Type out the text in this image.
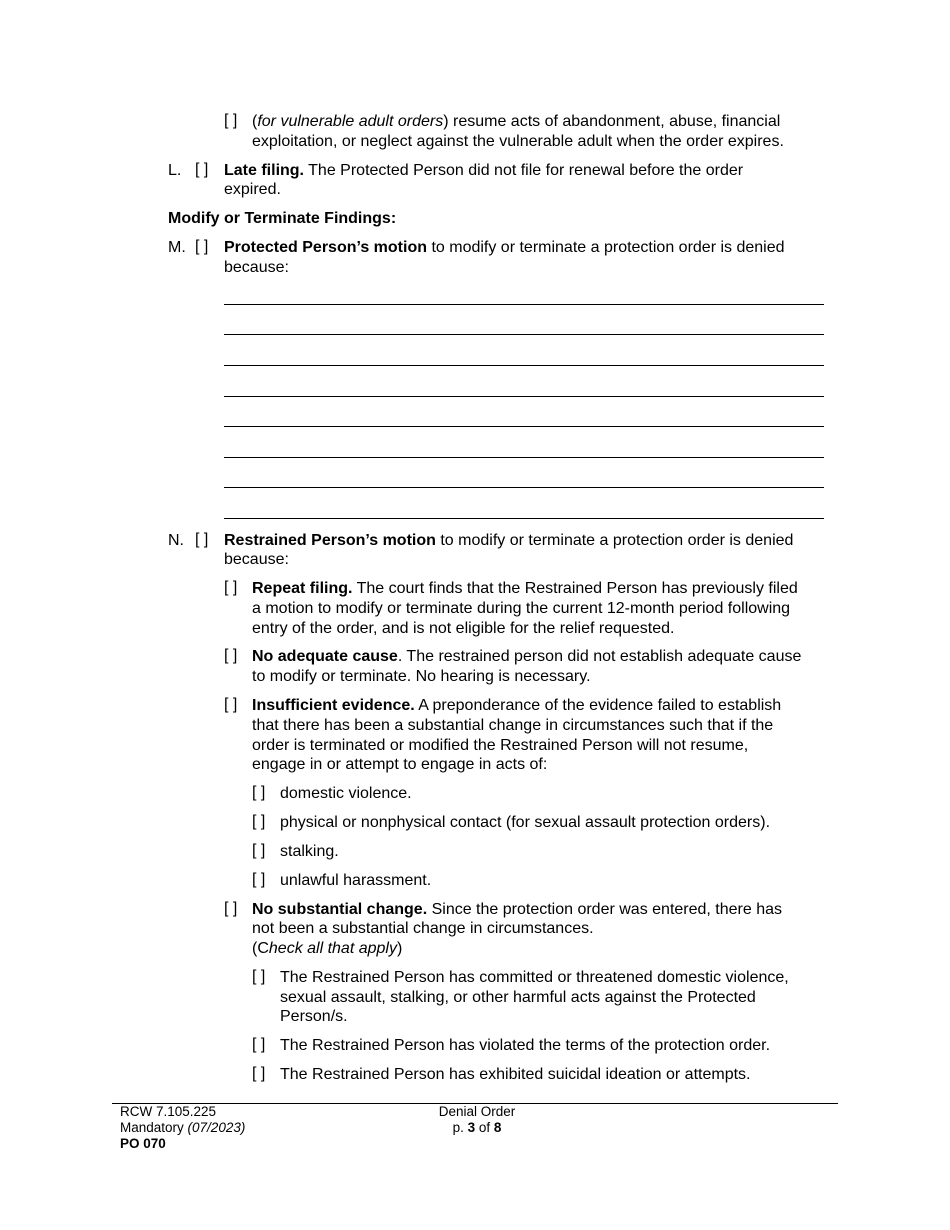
[ ] (for vulnerable adult orders) resume acts of abandonment, abuse, financial
exploitation, or neglect against the vulnerable adult when the order expires.
L. [ ] Late filing. The Protected Person did not file for renewal before the order
expired.
Modify or Terminate Findings:
M. [ ] Protected Person’s motion to modify or terminate a protection order is denied
because:
N. [ ] Restrained Person’s motion to modify or terminate a protection order is denied
because:
[ ] Repeat filing. The court finds that the Restrained Person has previously filed
a motion to modify or terminate during the current 12-month period following
entry of the order, and is not eligible for the relief requested.
[ ] No adequate cause. The restrained person did not establish adequate cause
to modify or terminate. No hearing is necessary.
[ ] Insufficient evidence. A preponderance of the evidence failed to establish
that there has been a substantial change in circumstances such that if the
order is terminated or modified the Restrained Person will not resume,
engage in or attempt to engage in acts of:
[ ] domestic violence.
[ ] physical or nonphysical contact (for sexual assault protection orders).
[ ] stalking.
[ ] unlawful harassment.
[ ] No substantial change. Since the protection order was entered, there has
not been a substantial change in circumstances.
(Check all that apply)
[ ] The Restrained Person has committed or threatened domestic violence,
sexual assault, stalking, or other harmful acts against the Protected
Person/s.
[ ] The Restrained Person has violated the terms of the protection order.
[ ] The Restrained Person has exhibited suicidal ideation or attempts.
RCW 7.105.225
Mandatory (07/2023)
PO 070
Denial Order
p. 3 of 8
